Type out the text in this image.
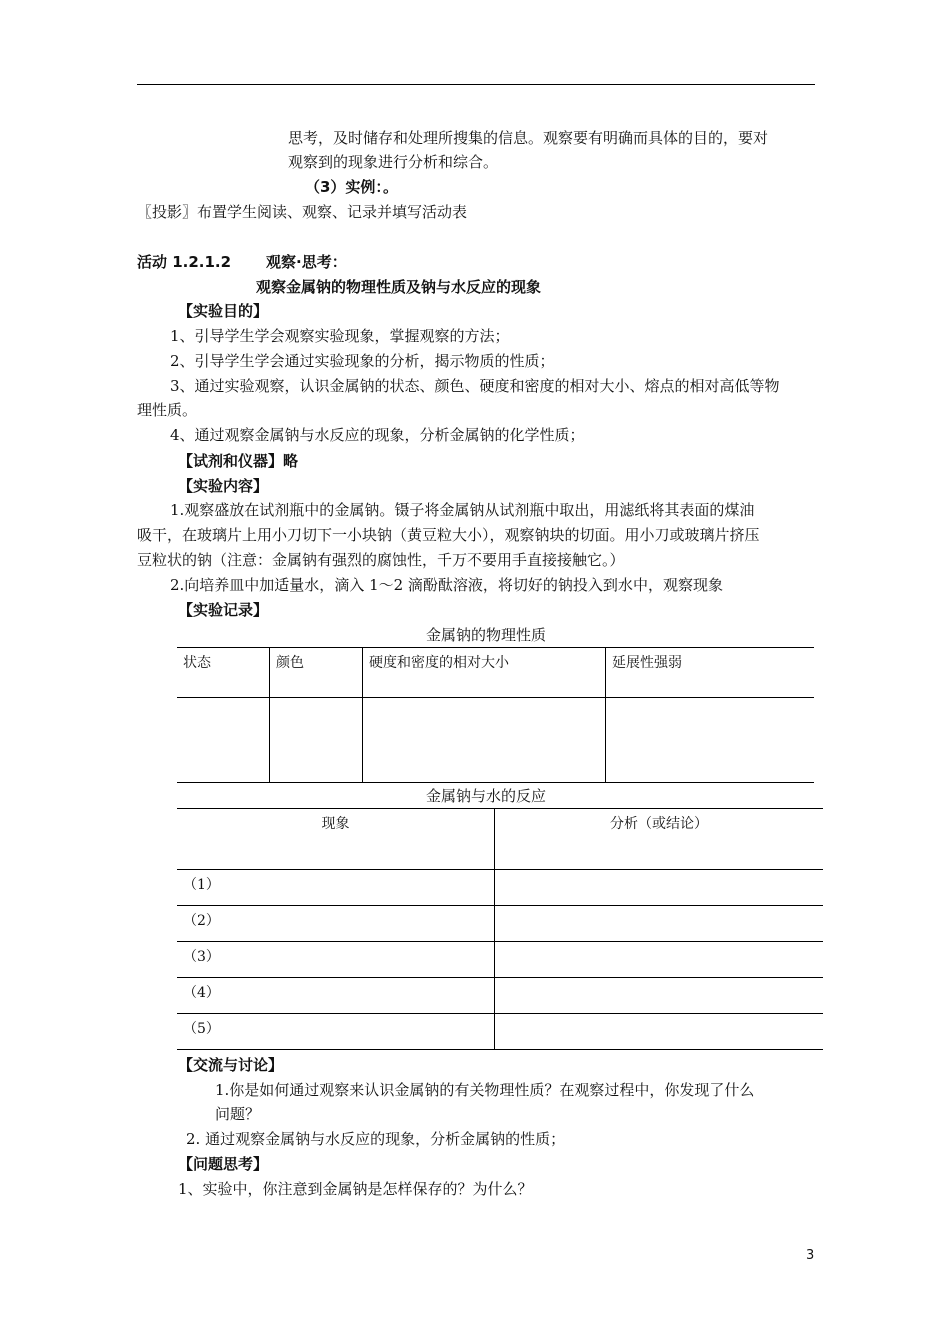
思考，及时储存和处理所搜集的信息。观察要有明确而具体的目的，要对
观察到的现象进行分析和综合。
（3）实例：。
〖投影〗布置学生阅读、观察、记录并填写活动表
活动 1.2.1.2 观察·思考：
观察金属钠的物理性质及钠与水反应的现象
【实验目的】
1、引导学生学会观察实验现象，掌握观察的方法；
2、引导学生学会通过实验现象的分析，揭示物质的性质；
3、通过实验观察，认识金属钠的状态、颜色、硬度和密度的相对大小、熔点的相对高低等物
理性质。
4、通过观察金属钠与水反应的现象，分析金属钠的化学性质；
【试剂和仪器】略
【实验内容】
1.观察盛放在试剂瓶中的金属钠。镊子将金属钠从试剂瓶中取出，用滤纸将其表面的煤油
吸干，在玻璃片上用小刀切下一小块钠（黄豆粒大小），观察钠块的切面。用小刀或玻璃片挤压
豆粒状的钠（注意：金属钠有强烈的腐蚀性，千万不要用手直接接触它。）
2.向培养皿中加适量水，滴入 1～2 滴酚酞溶液，将切好的钠投入到水中，观察现象
【实验记录】
金属钠的物理性质
状态	颜色	硬度和密度的相对大小	延展性强弱

金属钠与水的反应
现象	分析（或结论）
（1）	
（2）	
（3）	
（4）	
（5）	
【交流与讨论】
1.你是如何通过观察来认识金属钠的有关物理性质？在观察过程中，你发现了什么
问题？
2. 通过观察金属钠与水反应的现象，分析金属钠的性质；
【问题思考】
1、实验中，你注意到金属钠是怎样保存的？为什么？
3
